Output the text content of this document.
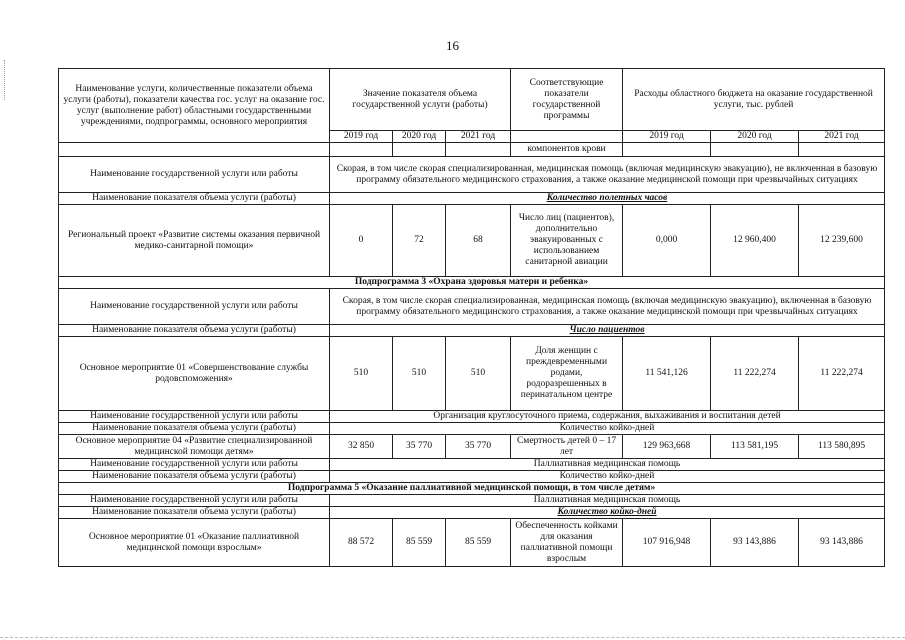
16
Наименование услуги, количественные показатели объема услуги (работы), показатели качества гос. услуг на оказание гос. услуг (выполнение работ) областными государственными учреждениями, подпрограммы, основного мероприятия	Значение показателя объема государственной услуги (работы)			Соответствующие показатели государственной программы	Расходы областного бюджета на оказание государственной услуги, тыс. рублей		
	2019 год	2020 год	2021 год		2019 год	2020 год	2021 год
				компонентов крови			
Наименование государственной услуги или работы	Скорая, в том числе скорая специализированная, медицинская помощь (включая медицинскую эвакуацию), не включенная в базовую программу обязательного медицинского страхования, а также оказание медицинской помощи при чрезвычайных ситуациях						
Наименование показателя объема услуги (работы)	Количество полетных часов						
Региональный проект «Развитие системы оказания первичной медико-санитарной помощи»	0	72	68	Число лиц (пациентов), дополнительно эвакуированных с использованием санитарной авиации	0,000	12 960,400	12 239,600
Подпрограмма 3 «Охрана здоровья матери и ребенка»							
Наименование государственной услуги или работы	Скорая, в том числе скорая специализированная, медицинская помощь (включая медицинскую эвакуацию), включенная в базовую программу обязательного медицинского страхования, а также оказание медицинской помощи при чрезвычайных ситуациях						
Наименование показателя объема услуги (работы)	Число пациентов						
Основное мероприятие 01 «Совершенствование службы родовспоможения»	510	510	510	Доля женщин с преждевременными родами, родоразрешенных в перинатальном центре	11 541,126	11 222,274	11 222,274
Наименование государственной услуги или работы	Организация круглосуточного приема, содержания, выхаживания и воспитания детей						
Наименование показателя объема услуги (работы)	Количество койко-дней						
Основное мероприятие 04 «Развитие специализированной медицинской помощи детям»	32 850	35 770	35 770	Смертность детей 0 – 17 лет	129 963,668	113 581,195	113 580,895
Наименование государственной услуги или работы	Паллиативная медицинская помощь						
Наименование показателя объема услуги (работы)	Количество койко-дней						
Подпрограмма 5 «Оказание паллиативной медицинской помощи, в том числе детям»							
Наименование государственной услуги или работы	Паллиативная медицинская помощь						
Наименование показателя объема услуги (работы)	Количество койко-дней						
Основное мероприятие 01 «Оказание паллиативной медицинской помощи взрослым»	88 572	85 559	85 559	Обеспеченность койками для оказания паллиативной помощи взрослым	107 916,948	93 143,886	93 143,886
